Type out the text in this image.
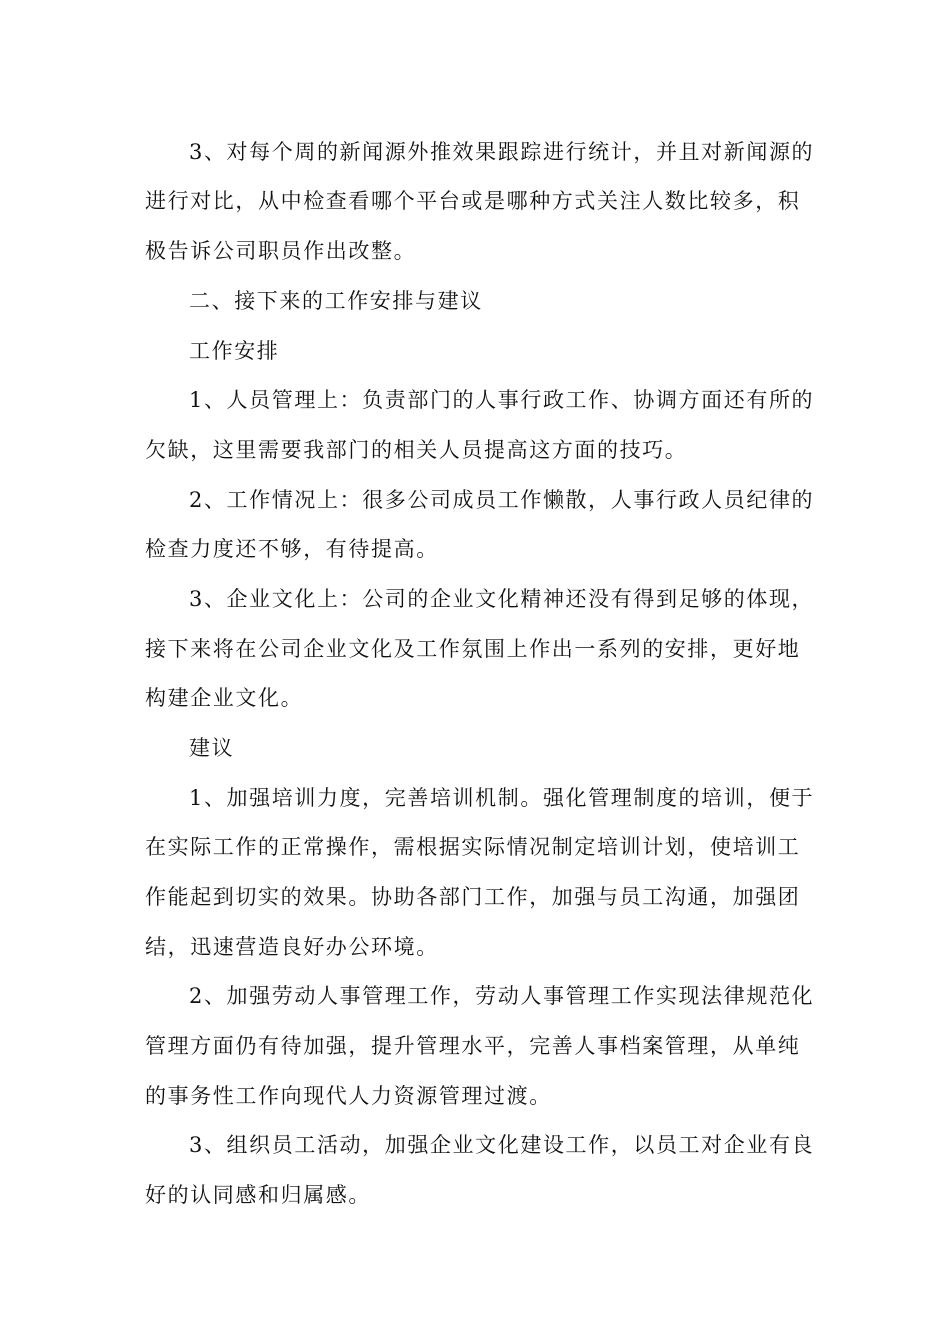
3、对每个周的新闻源外推效果跟踪进行统计，并且对新闻源的

进行对比，从中检查看哪个平台或是哪种方式关注人数比较多，积

极告诉公司职员作出改整。

二、接下来的工作安排与建议

工作安排

1、人员管理上：负责部门的人事行政工作、协调方面还有所的

欠缺，这里需要我部门的相关人员提高这方面的技巧。

2、工作情况上：很多公司成员工作懒散，人事行政人员纪律的

检查力度还不够，有待提高。

3、企业文化上：公司的企业文化精神还没有得到足够的体现，

接下来将在公司企业文化及工作氛围上作出一系列的安排，更好地

构建企业文化。

建议

1、加强培训力度，完善培训机制。强化管理制度的培训，便于

在实际工作的正常操作，需根据实际情况制定培训计划，使培训工

作能起到切实的效果。协助各部门工作，加强与员工沟通，加强团

结，迅速营造良好办公环境。

2、加强劳动人事管理工作，劳动人事管理工作实现法律规范化

管理方面仍有待加强，提升管理水平，完善人事档案管理，从单纯

的事务性工作向现代人力资源管理过渡。

3、组织员工活动，加强企业文化建设工作，以员工对企业有良

好的认同感和归属感。
